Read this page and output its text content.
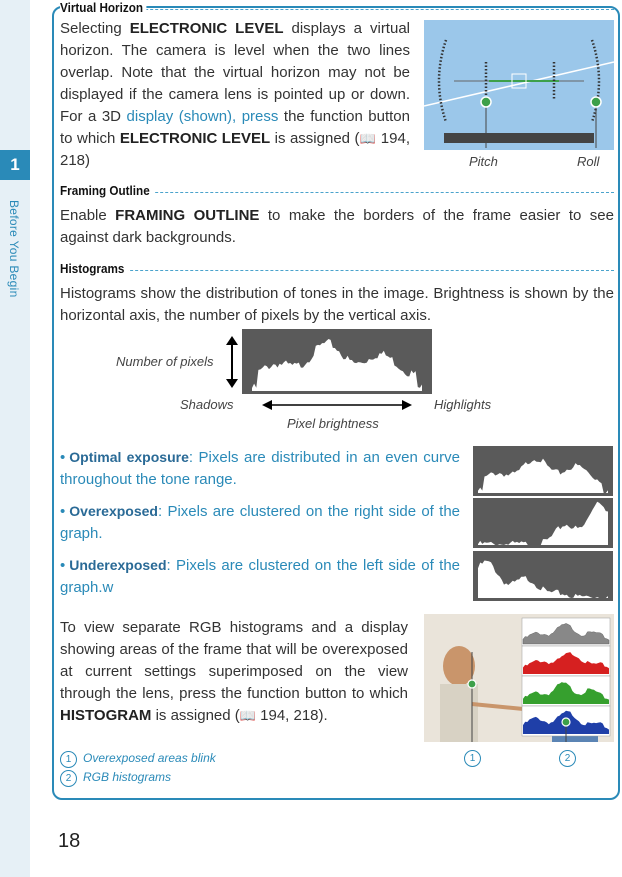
1
Before You Begin
Virtual Horizon
Selecting ELECTRONIC LEVEL displays a virtual horizon. The camera is level when the two lines overlap. Note that the virtual horizon may not be displayed if the camera lens is pointed up or down. For a 3D display (shown), press the function button to which ELECTRONIC LEVEL is assigned (📖 194, 218)	Pitch	Roll
Framing Outline
Enable FRAMING OUTLINE to make the borders of the frame easier to see against dark backgrounds.
Histograms
Histograms show the distribution of tones in the image. Brightness is shown by the horizontal axis, the number of pixels by the vertical axis.
Number of pixels
Shadows	Highlights
Pixel brightness
• Optimal exposure: Pixels are distributed in an even curve throughout the tone range.
• Overexposed: Pixels are clustered on the right side of the graph.
• Underexposed: Pixels are clustered on the left side of the graph.w
To view separate RGB histograms and a display showing areas of the frame that will be overexposed at current settings superimposed on the view through the lens, press the function button to which HISTOGRAM is assigned (📖 194, 218).
1	2
1 Overexposed areas blink
2 RGB histograms
18
